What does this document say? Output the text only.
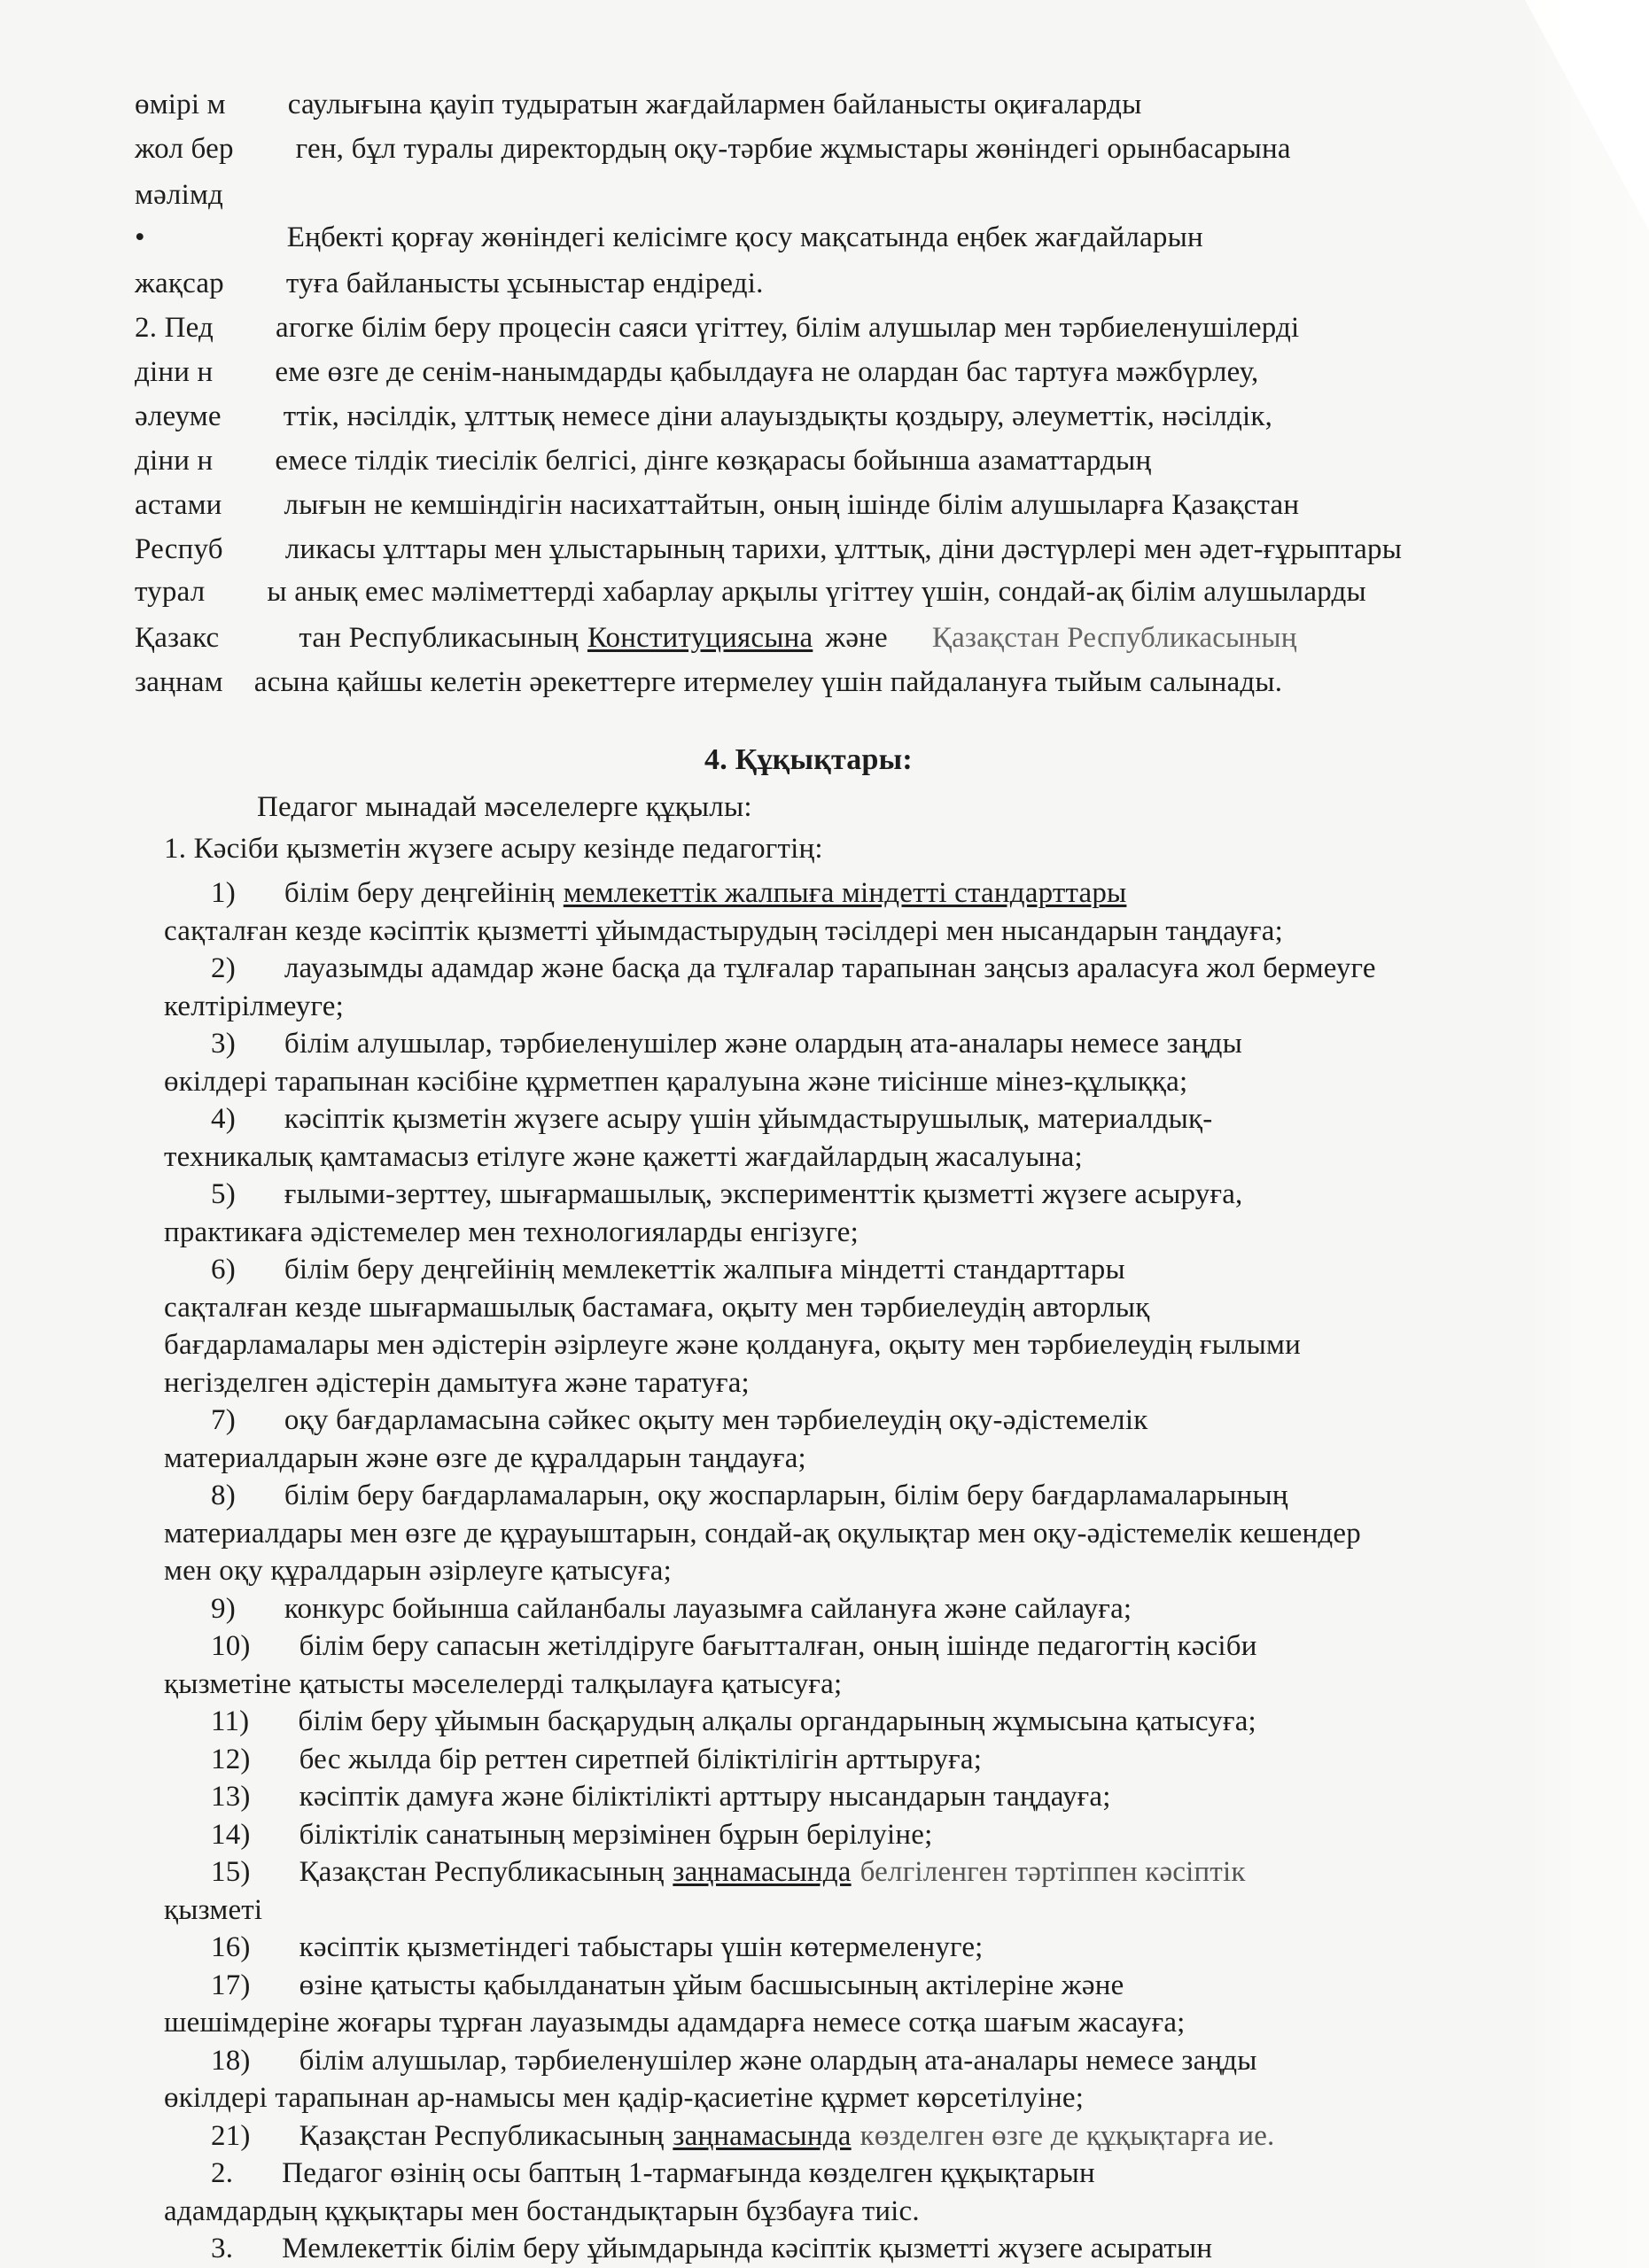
өмірі м саулығына қауіп тудыратын жағдайлармен байланысты оқиғаларды
жол бер ген, бұл туралы директордың оқу-тәрбие жұмыстары жөніндегі орынбасарына
мәлімд
•	Еңбекті қорғау жөніндегі келісімге қосу мақсатында еңбек жағдайларын
жақсар туға байланысты ұсыныстар ендіреді.
2. Пед агогке білім беру процесін саяси үгіттеу, білім алушылар мен тәрбиеленушілерді
діни н еме өзге де сенім-нанымдарды қабылдауға не олардан бас тартуға мәжбүрлеу,
әлеуме ттік, нәсілдік, ұлттық немесе діни алауыздықты қоздыру, әлеуметтік, нәсілдік,
діни н емесе тілдік тиесілік белгісі, дінге көзқарасы бойынша азаматтардың
астами лығын не кемшіндігін насихаттайтын, оның ішінде білім алушыларға Қазақстан
Респуб ликасы ұлттары мен ұлыстарының тарихи, ұлттық, діни дәстүрлері мен әдет-ғұрыптары
турал ы анық емес мәліметтерді хабарлау арқылы үгіттеу үшін, сондай-ақ білім алушыларды
Қазакс	тан Республикасының Конституциясына және Қазақстан Республикасының
заңнам асына қайшы келетін әрекеттерге итермелеу үшін пайдалануға тыйым салынады.
4. Құқықтары:
Педагог мынадай мәселелерге құқылы:
1. Кәсіби қызметін жүзеге асыру кезінде педагогтің:
1) білім беру деңгейінің мемлекеттік жалпыға міндетті стандарттары
сақталған кезде кәсіптік қызметті ұйымдастырудың тәсілдері мен нысандарын таңдауға;
2) лауазымды адамдар және басқа да тұлғалар тарапынан заңсыз араласуға жол бермеуге
келтірілмеуге;
3) білім алушылар, тәрбиеленушілер және олардың ата-аналары немесе заңды
өкілдері тарапынан кәсібіне құрметпен қаралуына және тиісінше мінез-құлыққа;
4) кәсіптік қызметін жүзеге асыру үшін ұйымдастырушылық, материалдық-
техникалық қамтамасыз етілуге және қажетті жағдайлардың жасалуына;
5) ғылыми-зерттеу, шығармашылық, эксперименттік қызметті жүзеге асыруға,
практикаға әдістемелер мен технологияларды енгізуге;
6) білім беру деңгейінің мемлекеттік жалпыға міндетті стандарттары
сақталған кезде шығармашылық бастамаға, оқыту мен тәрбиелеудің авторлық
бағдарламалары мен әдістерін әзірлеуге және қолдануға, оқыту мен тәрбиелеудің ғылыми
негізделген әдістерін дамытуға және таратуға;
7) оқу бағдарламасына сәйкес оқыту мен тәрбиелеудің оқу-әдістемелік
материалдарын және өзге де құралдарын таңдауға;
8) білім беру бағдарламаларын, оқу жоспарларын, білім беру бағдарламаларының
материалдары мен өзге де құрауыштарын, сондай-ақ оқулықтар мен оқу-әдістемелік кешендер
мен оқу құралдарын әзірлеуге қатысуға;
9) конкурс бойынша сайланбалы лауазымға сайлануға және сайлауға;
10) білім беру сапасын жетілдіруге бағытталған, оның ішінде педагогтің кәсіби
қызметіне қатысты мәселелерді талқылауға қатысуға;
11) білім беру ұйымын басқарудың алқалы органдарының жұмысына қатысуға;
12) бес жылда бір реттен сиретпей біліктілігін арттыруға;
13) кәсіптік дамуға және біліктілікті арттыру нысандарын таңдауға;
14) біліктілік санатының мерзімінен бұрын берілуіне;
15) Қазақстан Республикасының заңнамасында белгіленген тәртіппен кәсіптік
қызметі
16) кәсіптік қызметіндегі табыстары үшін көтермеленуге;
17) өзіне қатысты қабылданатын ұйым басшысының актілеріне және
шешімдеріне жоғары тұрған лауазымды адамдарға немесе сотқа шағым жасауға;
18) білім алушылар, тәрбиеленушілер және олардың ата-аналары немесе заңды
өкілдері тарапынан ар-намысы мен қадір-қасиетіне құрмет көрсетілуіне;
21) Қазақстан Республикасының заңнамасында көзделген өзге де құқықтарға ие.
2. Педагог өзінің осы баптың 1-тармағында көзделген құқықтарын
адамдардың құқықтары мен бостандықтарын бұзбауға тиіс.
3. Мемлекеттік білім беру ұйымдарында кәсіптік қызметті жүзеге асыратын
